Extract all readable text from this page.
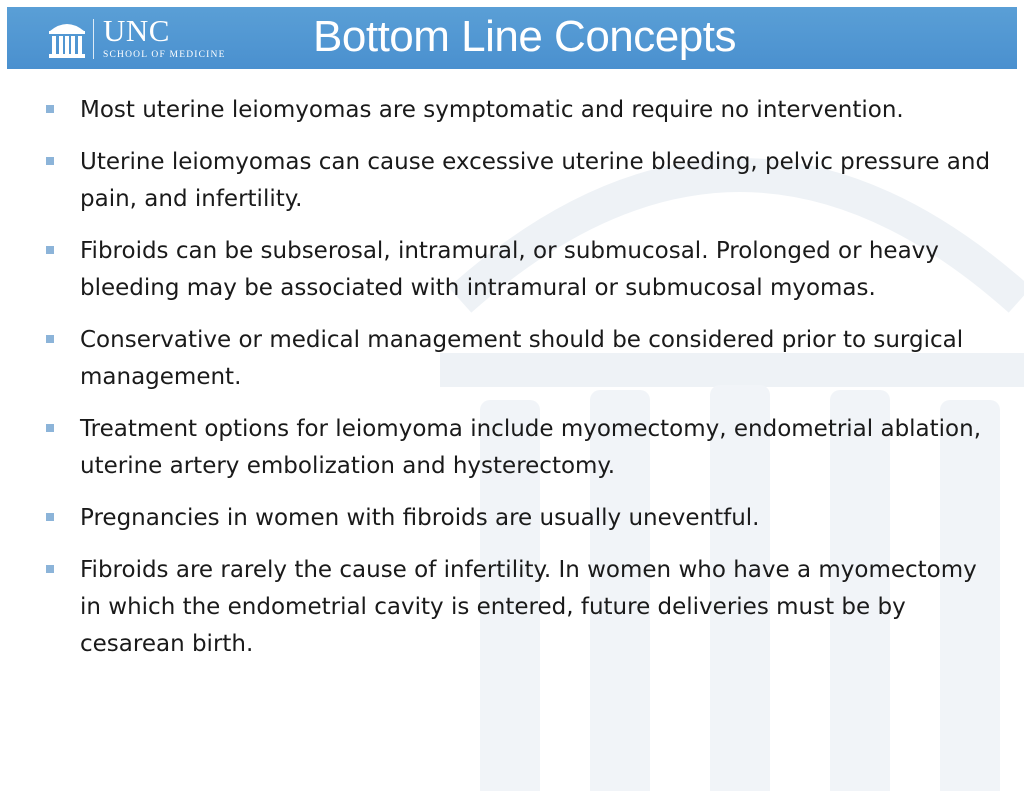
UNC
SCHOOL OF MEDICINE	Bottom Line Concepts
Most uterine leiomyomas are symptomatic and require no intervention.
Uterine leiomyomas can cause excessive uterine bleeding, pelvic pressure and pain, and infertility.
Fibroids can be subserosal, intramural, or submucosal. Prolonged or heavy bleeding may be associated with intramural or submucosal myomas.
Conservative or medical management should be considered prior to surgical management.
Treatment options for leiomyoma include myomectomy, endometrial ablation, uterine artery embolization and hysterectomy.
Pregnancies in women with fibroids are usually uneventful.
Fibroids are rarely the cause of infertility. In women who have a myomectomy in which the endometrial cavity is entered, future deliveries must be by cesarean birth.
